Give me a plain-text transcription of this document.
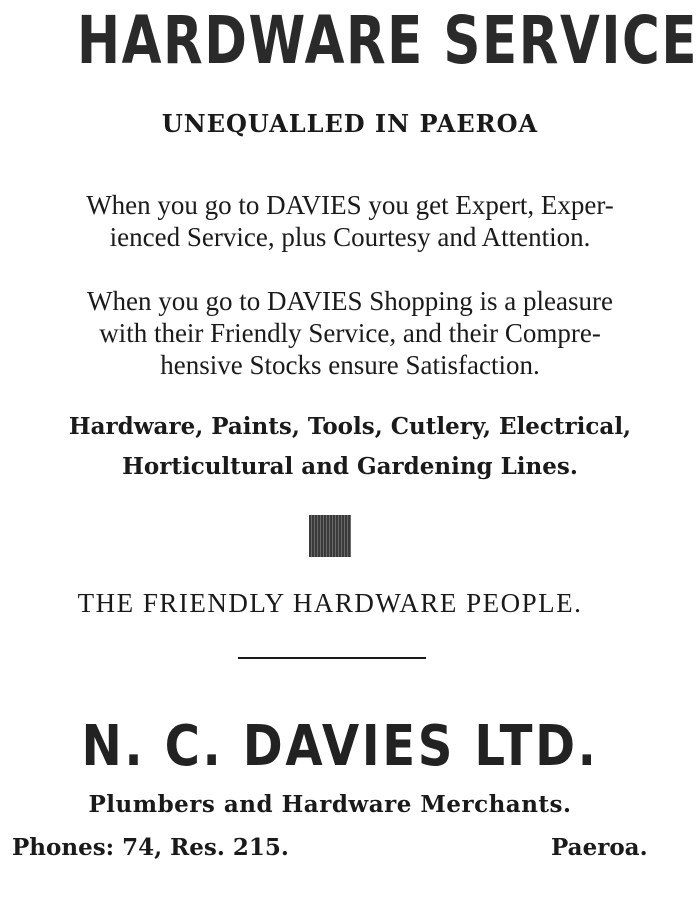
HARDWARE SERVICE
UNEQUALLED IN PAEROA
When you go to DAVIES you get Expert, Exper-
ienced Service, plus Courtesy and Attention.
When you go to DAVIES Shopping is a pleasure
with their Friendly Service, and their Compre-
hensive Stocks ensure Satisfaction.
Hardware, Paints, Tools, Cutlery, Electrical,
Horticultural and Gardening Lines.
THE FRIENDLY HARDWARE PEOPLE.
N. C. DAVIES LTD.
Plumbers and Hardware Merchants.
Phones: 74, Res. 215.	Paeroa.
